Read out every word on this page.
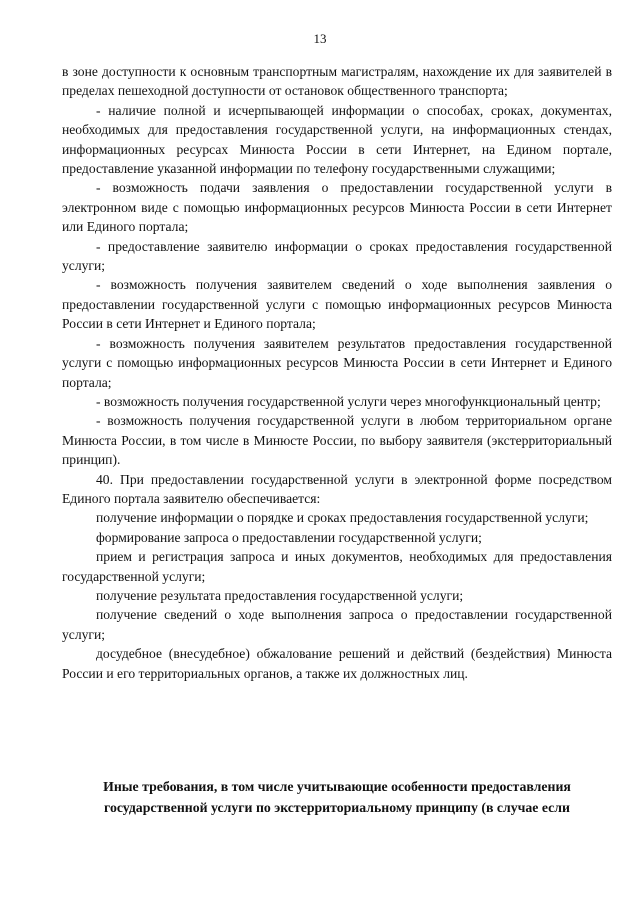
13

в зоне доступности к основным транспортным магистралям, нахождение их для заявителей в пределах пешеходной доступности от остановок общественного транспорта;

- наличие полной и исчерпывающей информации о способах, сроках, документах, необходимых для предоставления государственной услуги, на информационных стендах, информационных ресурсах Минюста России в сети Интернет, на Едином портале, предоставление указанной информации по телефону государственными служащими;

- возможность подачи заявления о предоставлении государственной услуги в электронном виде с помощью информационных ресурсов Минюста России в сети Интернет или Единого портала;

- предоставление заявителю информации о сроках предоставления государственной услуги;

- возможность получения заявителем сведений о ходе выполнения заявления о предоставлении государственной услуги с помощью информационных ресурсов Минюста России в сети Интернет и Единого портала;

- возможность получения заявителем результатов предоставления государственной услуги с помощью информационных ресурсов Минюста России в сети Интернет и Единого портала;

- возможность получения государственной услуги через многофункциональный центр;

- возможность получения государственной услуги в любом территориальном органе Минюста России, в том числе в Минюсте России, по выбору заявителя (экстерриториальный принцип).

40. При предоставлении государственной услуги в электронной форме посредством Единого портала заявителю обеспечивается:

получение информации о порядке и сроках предоставления государственной услуги;

формирование запроса о предоставлении государственной услуги;

прием и регистрация запроса и иных документов, необходимых для предоставления государственной услуги;

получение результата предоставления государственной услуги;

получение сведений о ходе выполнения запроса о предоставлении государственной услуги;

досудебное (внесудебное) обжалование решений и действий (бездействия) Минюста России и его территориальных органов, а также их должностных лиц.

Иные требования, в том числе учитывающие особенности предоставления
государственной услуги по экстерриториальному принципу (в случае если
